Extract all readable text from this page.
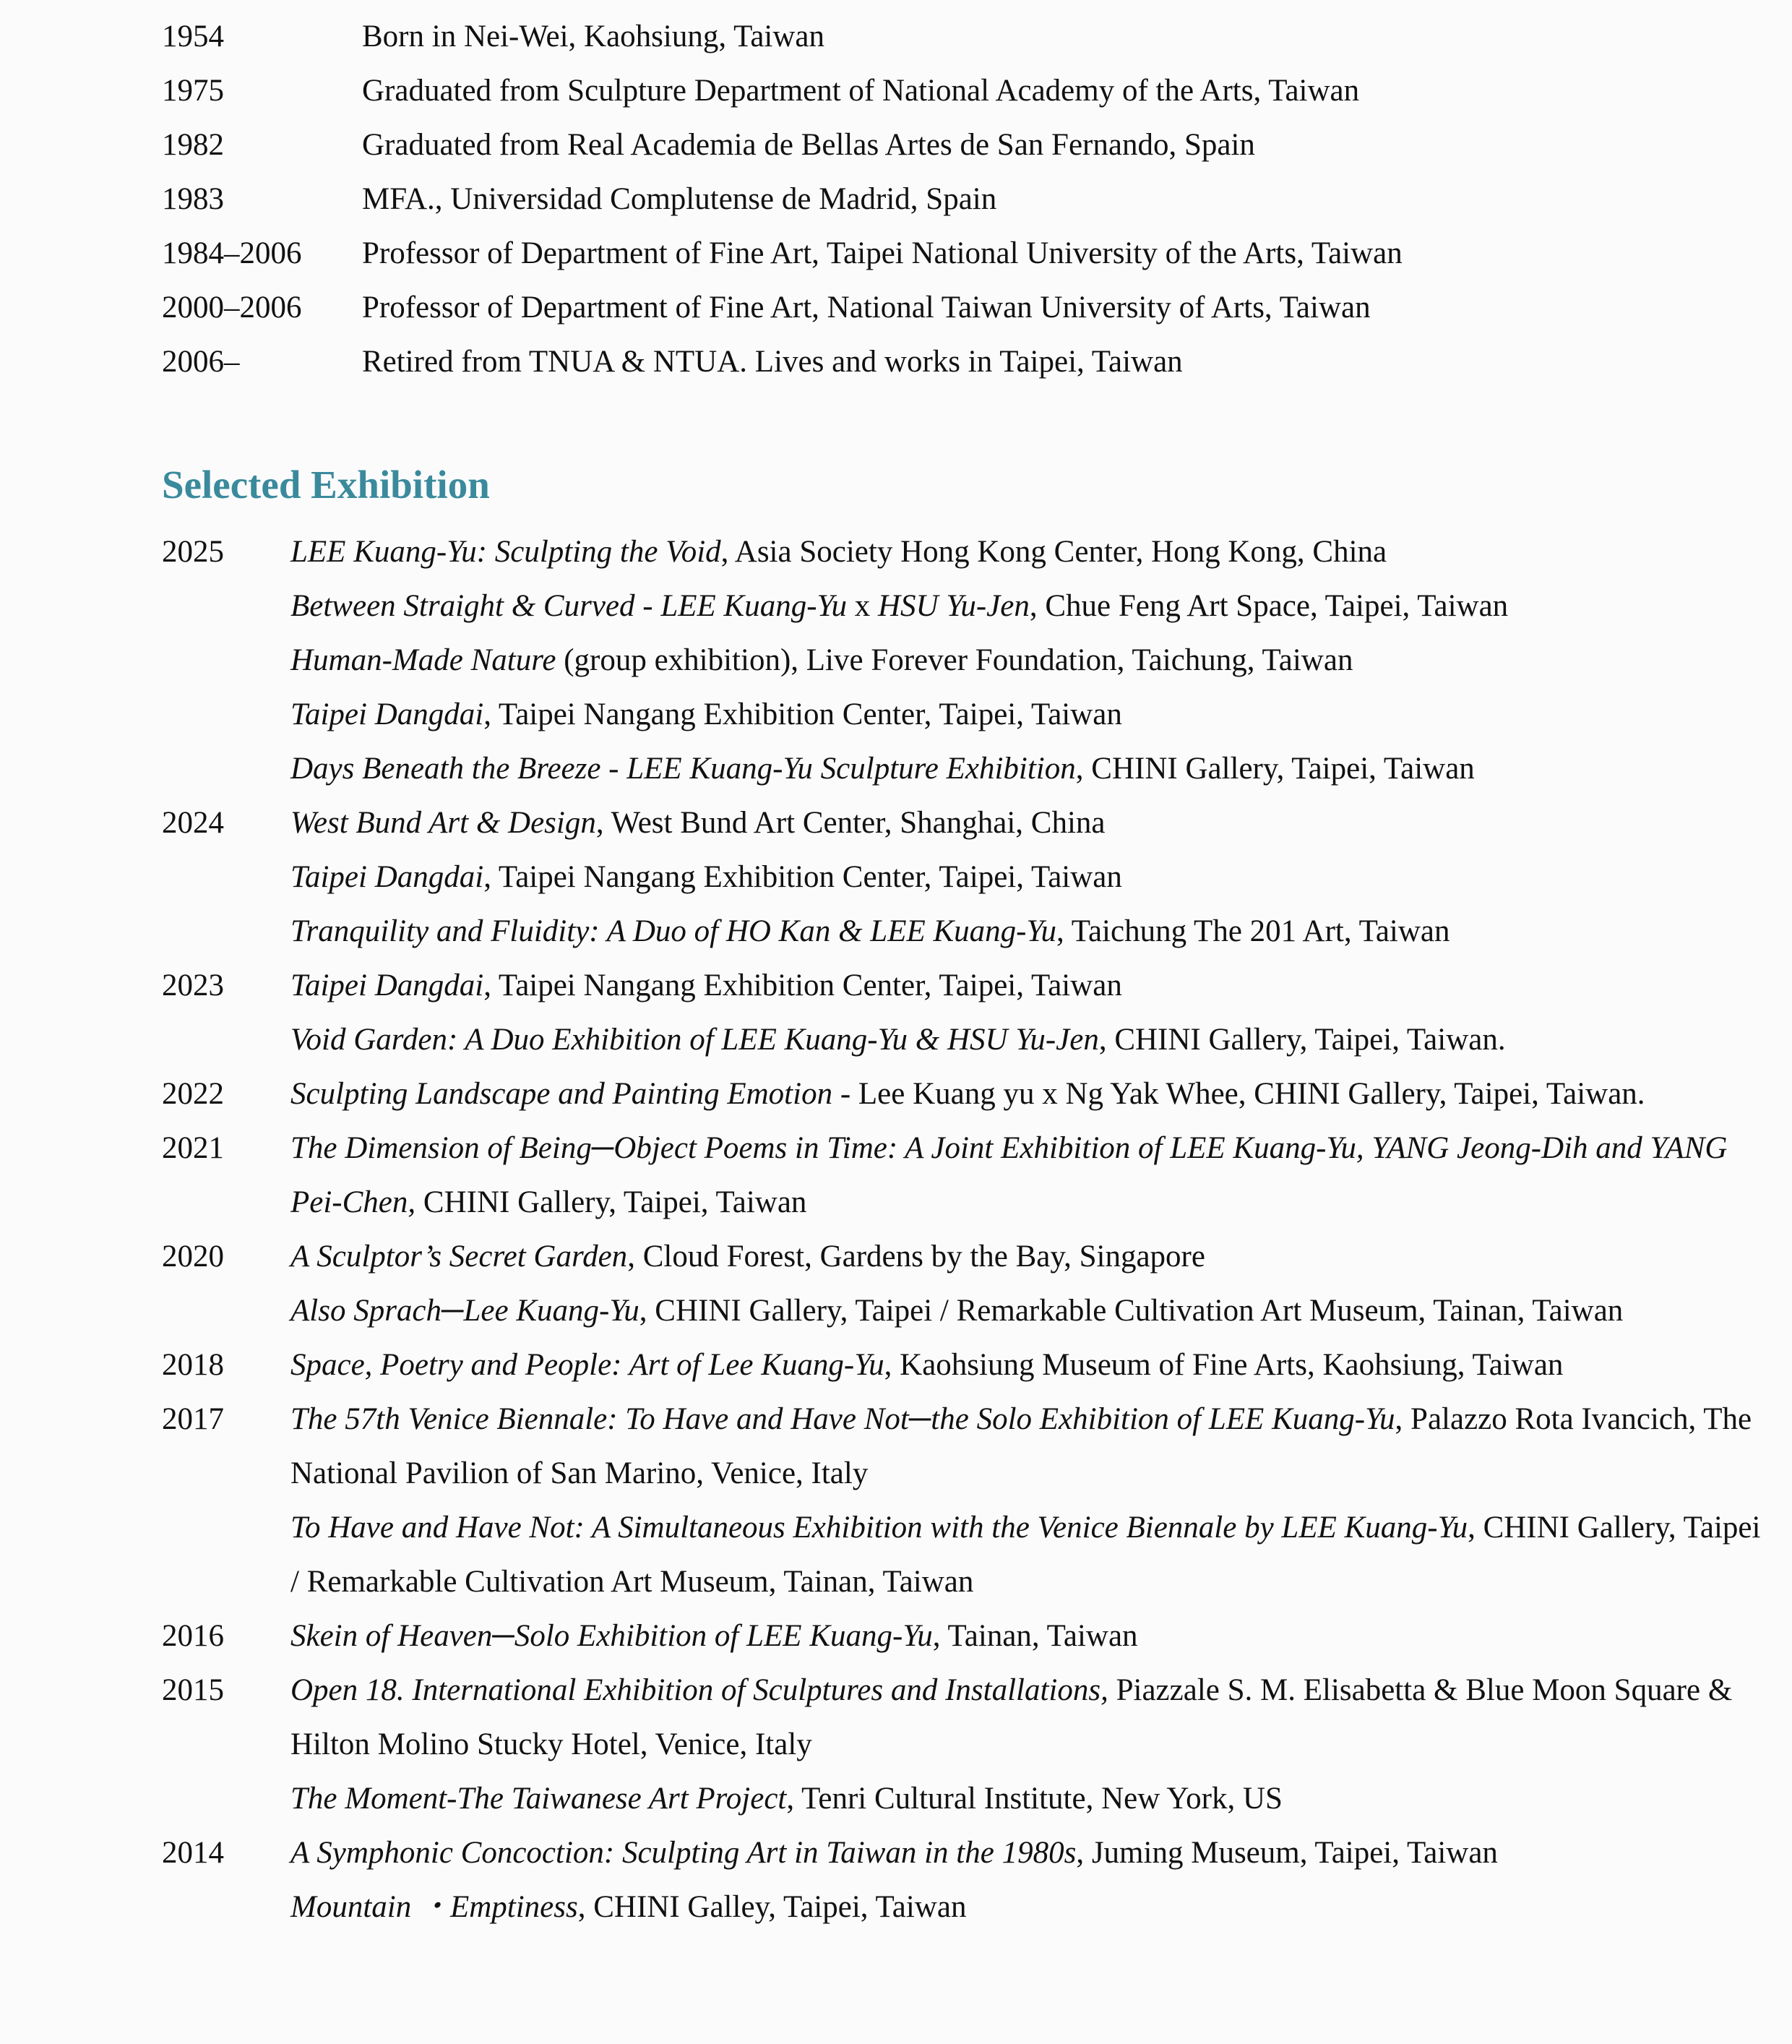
1954	Born in Nei-Wei, Kaohsiung, Taiwan
1975	Graduated from Sculpture Department of National Academy of the Arts, Taiwan
1982	Graduated from Real Academia de Bellas Artes de San Fernando, Spain
1983	MFA., Universidad Complutense de Madrid, Spain
1984–2006	Professor of Department of Fine Art, Taipei National University of the Arts, Taiwan
2000–2006	Professor of Department of Fine Art, National Taiwan University of Arts, Taiwan
2006–	Retired from TNUA & NTUA. Lives and works in Taipei, Taiwan
Selected Exhibition
2025	LEE Kuang-Yu: Sculpting the Void, Asia Society Hong Kong Center, Hong Kong, China
Between Straight & Curved - LEE Kuang-Yu x HSU Yu-Jen, Chue Feng Art Space, Taipei, Taiwan
Human-Made Nature (group exhibition), Live Forever Foundation, Taichung, Taiwan
Taipei Dangdai, Taipei Nangang Exhibition Center, Taipei, Taiwan
Days Beneath the Breeze - LEE Kuang-Yu Sculpture Exhibition, CHINI Gallery, Taipei, Taiwan
2024	West Bund Art & Design, West Bund Art Center, Shanghai, China
Taipei Dangdai, Taipei Nangang Exhibition Center, Taipei, Taiwan
Tranquility and Fluidity: A Duo of HO Kan & LEE Kuang-Yu, Taichung The 201 Art, Taiwan
2023	Taipei Dangdai, Taipei Nangang Exhibition Center, Taipei, Taiwan
Void Garden: A Duo Exhibition of LEE Kuang-Yu & HSU Yu-Jen, CHINI Gallery, Taipei, Taiwan.
2022	Sculpting Landscape and Painting Emotion - Lee Kuang yu x Ng Yak Whee, CHINI Gallery, Taipei, Taiwan.
2021	The Dimension of Being─Object Poems in Time: A Joint Exhibition of LEE Kuang-Yu, YANG Jeong-Dih and YANG Pei-Chen, CHINI Gallery, Taipei, Taiwan
2020	A Sculptor’s Secret Garden, Cloud Forest, Gardens by the Bay, Singapore
Also Sprach─Lee Kuang-Yu, CHINI Gallery, Taipei / Remarkable Cultivation Art Museum, Tainan, Taiwan
2018	Space, Poetry and People: Art of Lee Kuang-Yu, Kaohsiung Museum of Fine Arts, Kaohsiung, Taiwan
2017	The 57th Venice Biennale: To Have and Have Not─the Solo Exhibition of LEE Kuang-Yu, Palazzo Rota Ivancich, The National Pavilion of San Marino, Venice, Italy
To Have and Have Not: A Simultaneous Exhibition with the Venice Biennale by LEE Kuang-Yu, CHINI Gallery, Taipei / Remarkable Cultivation Art Museum, Tainan, Taiwan
2016	Skein of Heaven─Solo Exhibition of LEE Kuang-Yu, Tainan, Taiwan
2015	Open 18. International Exhibition of Sculptures and Installations, Piazzale S. M. Elisabetta & Blue Moon Square & Hilton Molino Stucky Hotel, Venice, Italy
The Moment-The Taiwanese Art Project, Tenri Cultural Institute, New York, US
2014	A Symphonic Concoction: Sculpting Art in Taiwan in the 1980s, Juming Museum, Taipei, Taiwan
Mountain ・Emptiness, CHINI Galley, Taipei, Taiwan
